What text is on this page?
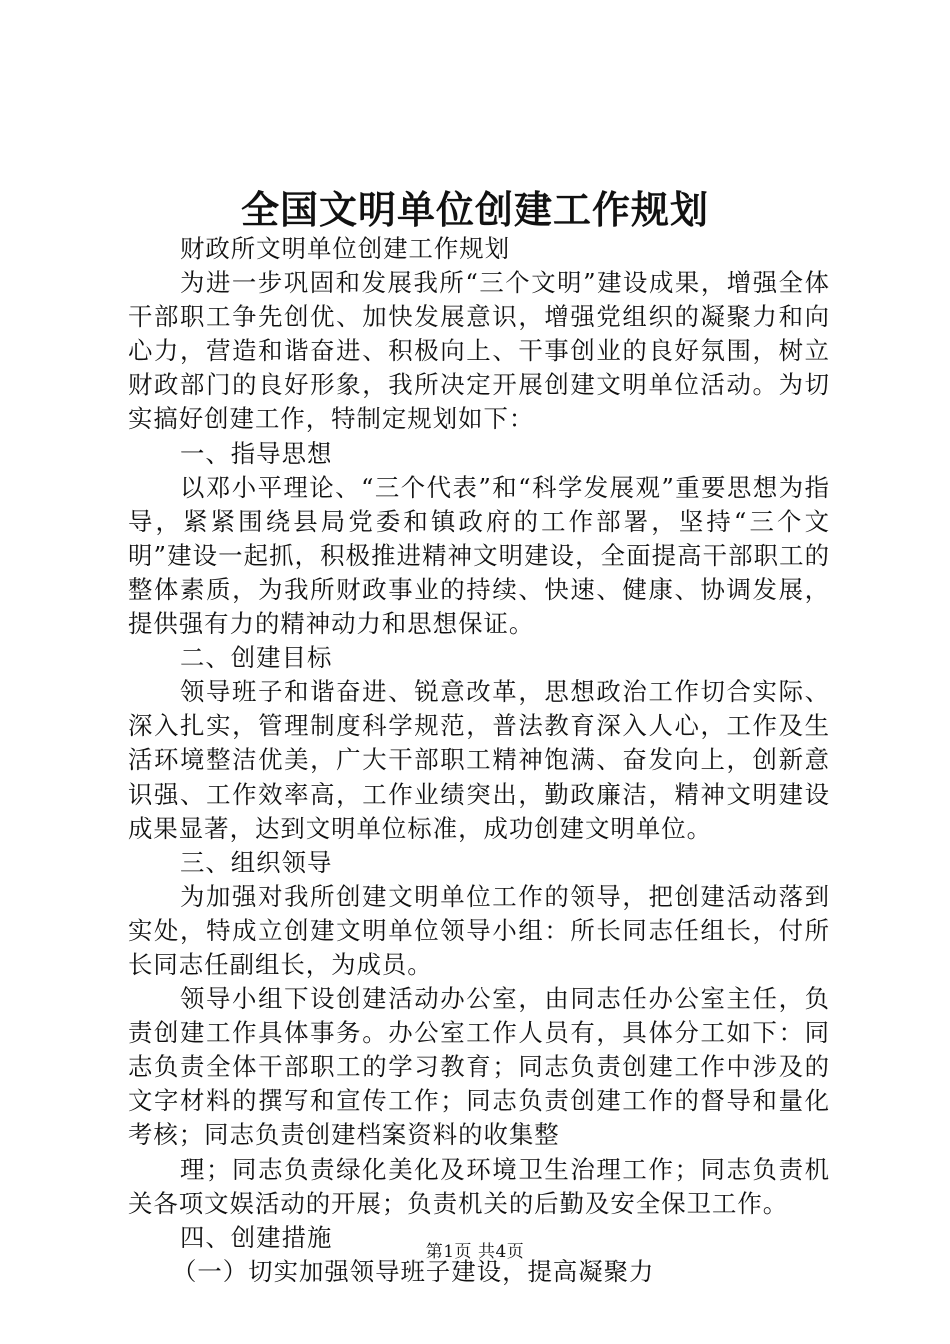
全国文明单位创建工作规划

财政所文明单位创建工作规划

为进一步巩固和发展我所“三个文明”建设成果，增强全体干部职工争先创优、加快发展意识，增强党组织的凝聚力和向心力，营造和谐奋进、积极向上、干事创业的良好氛围，树立财政部门的良好形象，我所决定开展创建文明单位活动。为切实搞好创建工作，特制定规划如下：

一、指导思想

以邓小平理论、“三个代表”和“科学发展观”重要思想为指导，紧紧围绕县局党委和镇政府的工作部署，坚持“三个文明”建设一起抓，积极推进精神文明建设，全面提高干部职工的整体素质，为我所财政事业的持续、快速、健康、协调发展，提供强有力的精神动力和思想保证。

二、创建目标

领导班子和谐奋进、锐意改革，思想政治工作切合实际、深入扎实，管理制度科学规范，普法教育深入人心，工作及生活环境整洁优美，广大干部职工精神饱满、奋发向上，创新意识强、工作效率高，工作业绩突出，勤政廉洁，精神文明建设成果显著，达到文明单位标准，成功创建文明单位。

三、组织领导

为加强对我所创建文明单位工作的领导，把创建活动落到实处，特成立创建文明单位领导小组：所长同志任组长，付所长同志任副组长，为成员。

领导小组下设创建活动办公室，由同志任办公室主任，负责创建工作具体事务。办公室工作人员有，具体分工如下：同志负责全体干部职工的学习教育；同志负责创建工作中涉及的文字材料的撰写和宣传工作；同志负责创建工作的督导和量化考核；同志负责创建档案资料的收集整

理；同志负责绿化美化及环境卫生治理工作；同志负责机关各项文娱活动的开展；负责机关的后勤及安全保卫工作。

四、创建措施

（一）切实加强领导班子建设，提高凝聚力

第1页 共4页
